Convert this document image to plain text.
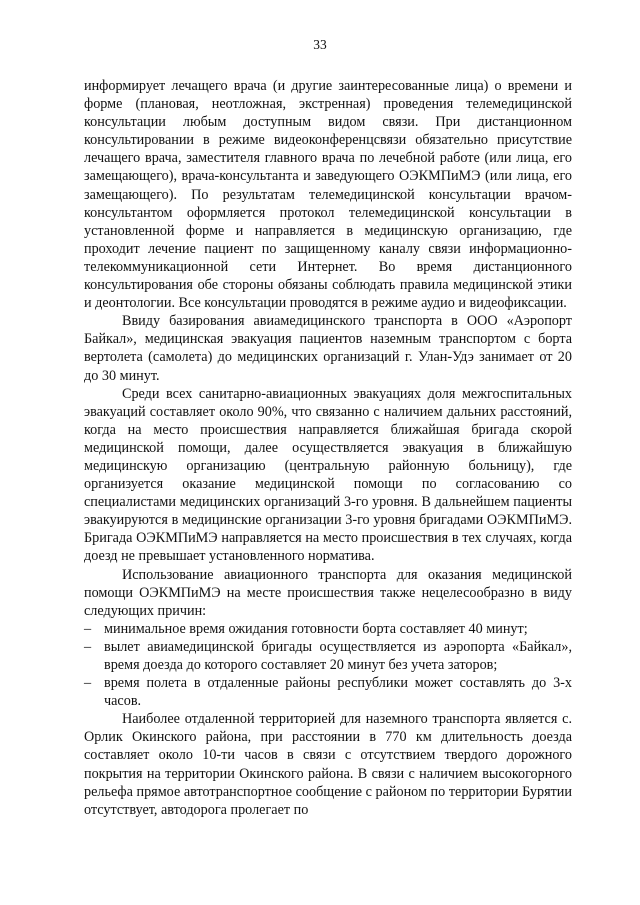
33

информирует лечащего врача (и другие заинтересованные лица) о времени и форме (плановая, неотложная, экстренная) проведения телемедицинской консультации любым доступным видом связи. При дистанционном консультировании в режиме видеоконференцсвязи обязательно присутствие лечащего врача, заместителя главного врача по лечебной работе (или лица, его замещающего), врача-консультанта и заведующего ОЭКМПиМЭ (или лица, его замещающего). По результатам телемедицинской консультации врачом-консультантом оформляется протокол телемедицинской консультации в установленной форме и направляется в медицинскую организацию, где проходит лечение пациент по защищенному каналу связи информационно-телекоммуникационной сети Интернет. Во время дистанционного консультирования обе стороны обязаны соблюдать правила медицинской этики и деонтологии. Все консультации проводятся в режиме аудио и видеофиксации.

Ввиду базирования авиамедицинского транспорта в ООО «Аэропорт Байкал», медицинская эвакуация пациентов наземным транспортом с борта вертолета (самолета) до медицинских организаций г. Улан-Удэ занимает от 20 до 30 минут.

Среди всех санитарно-авиационных эвакуациях доля межгоспитальных эвакуаций составляет около 90%, что связанно с наличием дальних расстояний, когда на место происшествия направляется ближайшая бригада скорой медицинской помощи, далее осуществляется эвакуация в ближайшую медицинскую организацию (центральную районную больницу), где организуется оказание медицинской помощи по согласованию со специалистами медицинских организаций 3-го уровня. В дальнейшем пациенты эвакуируются в медицинские организации 3-го уровня бригадами ОЭКМПиМЭ. Бригада ОЭКМПиМЭ направляется на место происшествия в тех случаях, когда доезд не превышает установленного норматива.

Использование авиационного транспорта для оказания медицинской помощи ОЭКМПиМЭ на месте происшествия также нецелесообразно в виду следующих причин:

– минимальное время ожидания готовности борта составляет 40 минут;
– вылет авиамедицинской бригады осуществляется из аэропорта «Байкал», время доезда до которого составляет 20 минут без учета заторов;
– время полета в отдаленные районы республики может составлять до 3-х часов.

Наиболее отдаленной территорией для наземного транспорта является с. Орлик Окинского района, при расстоянии в 770 км длительность доезда составляет около 10-ти часов в связи с отсутствием твердого дорожного покрытия на территории Окинского района. В связи с наличием высокогорного рельефа прямое автотранспортное сообщение с районом по территории Бурятии отсутствует, автодорога пролегает по
